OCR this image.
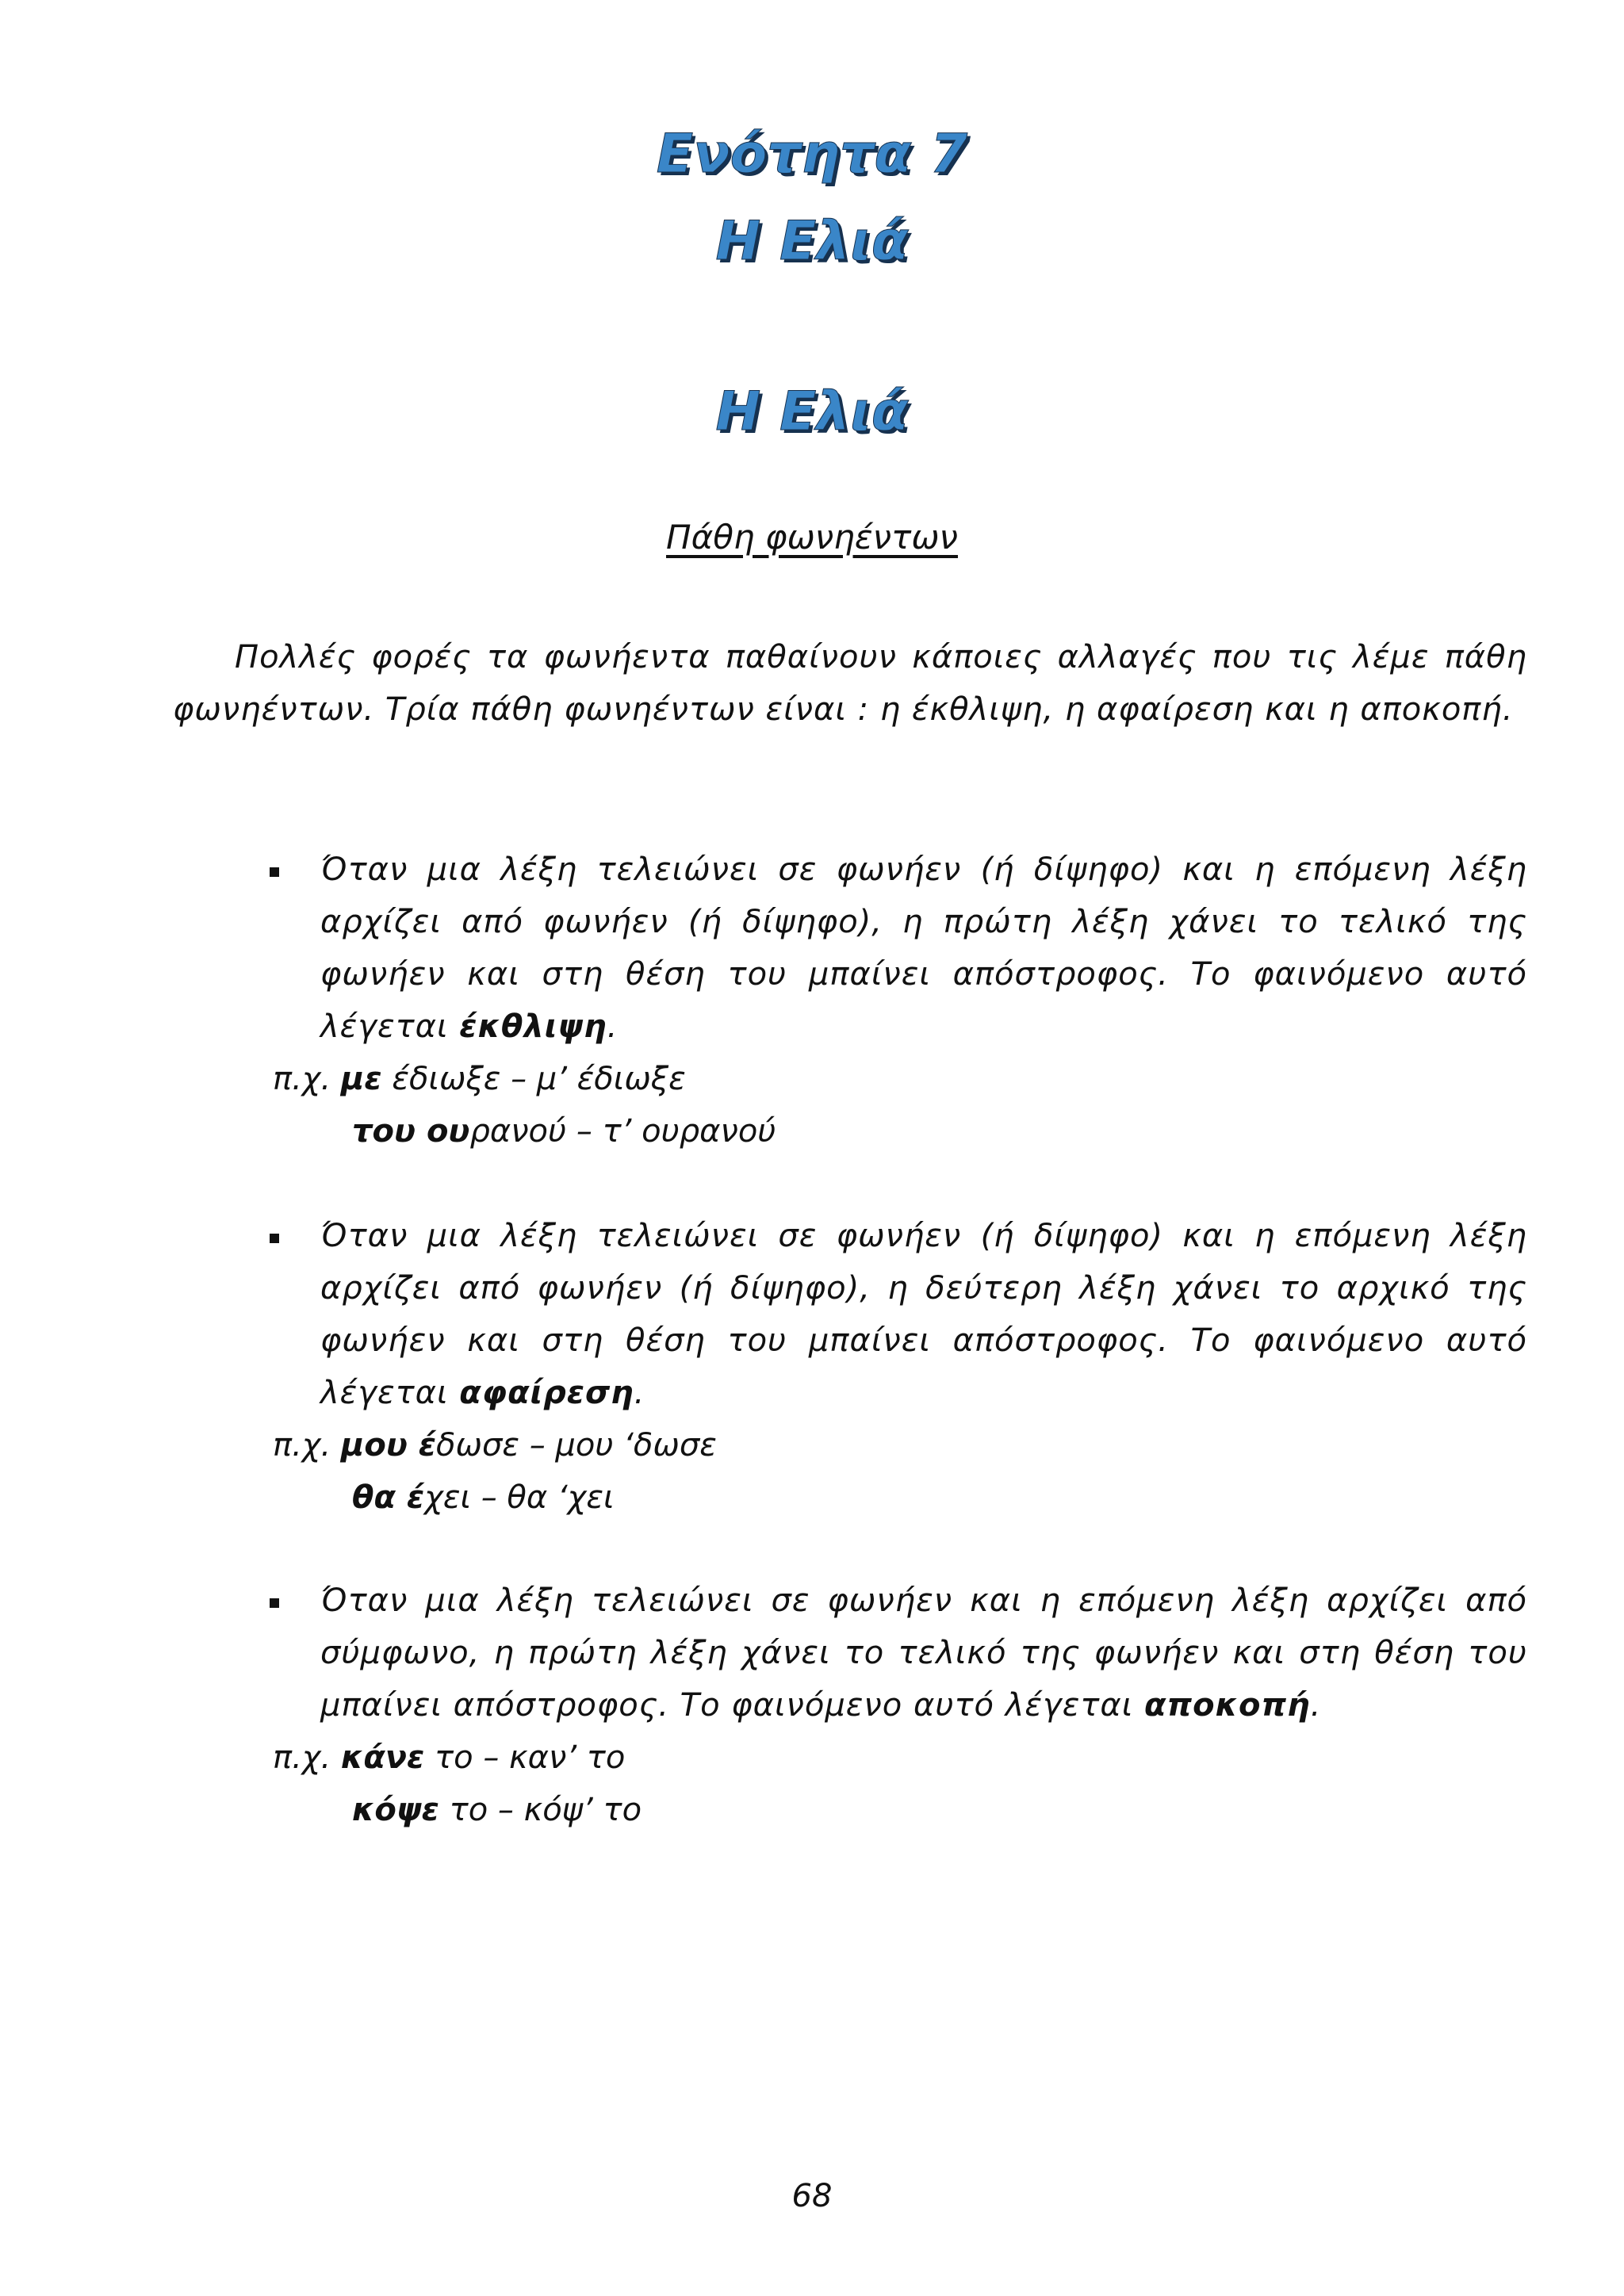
Ενότητα 7
Η Ελιά
Η Ελιά
Πάθη φωνηέντων
Πολλές φορές τα φωνήεντα παθαίνουν κάποιες αλλαγές που τις λέμε πάθη φωνηέντων. Τρία πάθη φωνηέντων είναι : η έκθλιψη, η αφαίρεση και η αποκοπή.
Όταν μια λέξη τελειώνει σε φωνήεν (ή δίψηφο) και η επόμενη λέξη αρχίζει από φωνήεν (ή δίψηφο), η πρώτη λέξη χάνει το τελικό της φωνήεν και στη θέση του μπαίνει απόστροφος. Το φαινόμενο αυτό λέγεται έκθλιψη.
π.χ. με έδιωξε – μ’ έδιωξε
του ουρανού – τ’ ουρανού
Όταν μια λέξη τελειώνει σε φωνήεν (ή δίψηφο) και η επόμενη λέξη αρχίζει από φωνήεν (ή δίψηφο), η δεύτερη λέξη χάνει το αρχικό της φωνήεν και στη θέση του μπαίνει απόστροφος. Το φαινόμενο αυτό λέγεται αφαίρεση.
π.χ. μου έδωσε – μου ‘δωσε
θα έχει – θα ‘χει
Όταν μια λέξη τελειώνει σε φωνήεν και η επόμενη λέξη αρχίζει από σύμφωνο, η πρώτη λέξη χάνει το τελικό της φωνήεν και στη θέση του μπαίνει απόστροφος. Το φαινόμενο αυτό λέγεται αποκοπή.
π.χ. κάνε το – καν’ το
κόψε το – κόψ’ το
68
